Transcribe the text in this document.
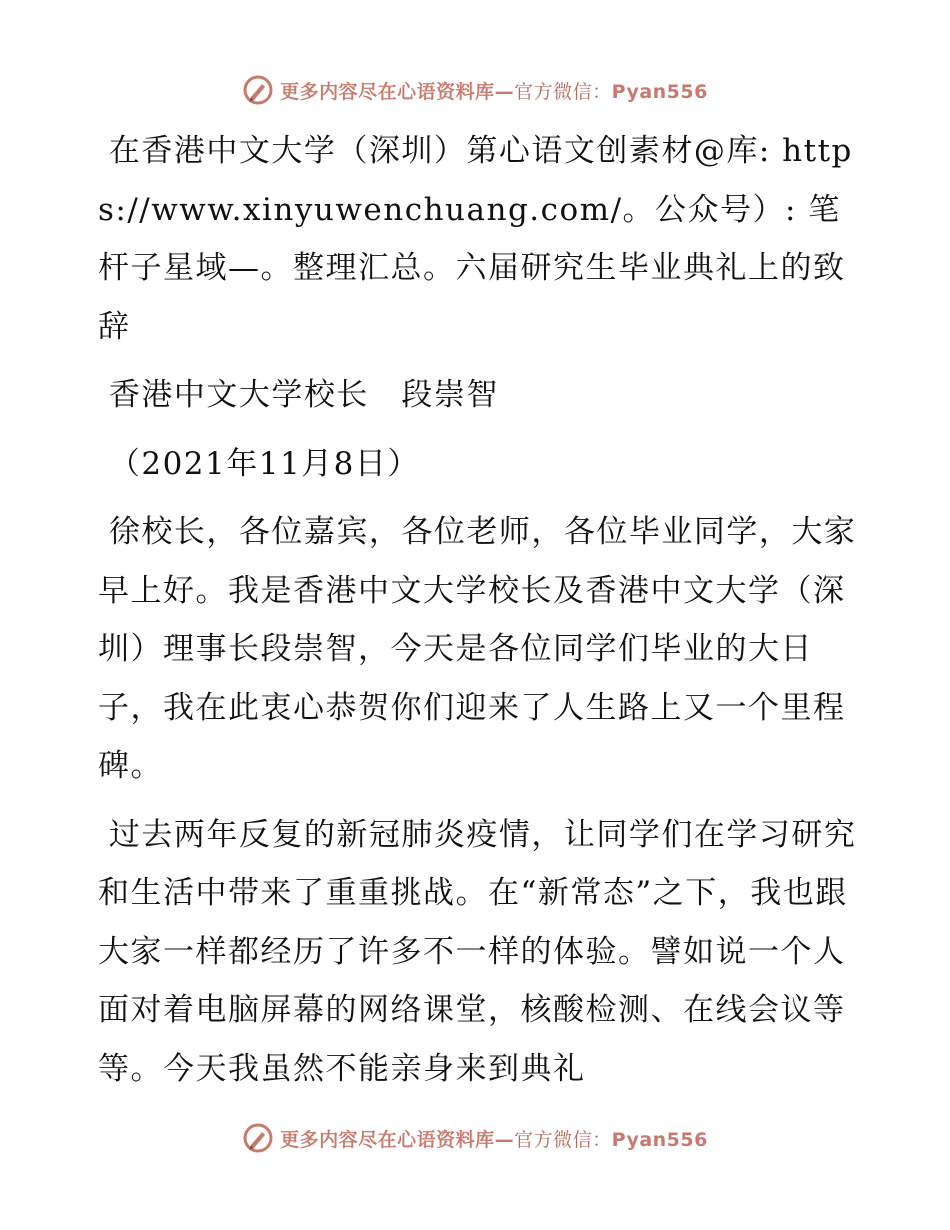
更多内容尽在心语资料库—官方微信：Pyan556

在香港中文大学（深圳）第心语文创素材@库: https://www.xinyuwenchuang.com/。公众号）: 笔杆子星域—。整理汇总。六届研究生毕业典礼上的致辞

香港中文大学校长　段崇智

（2021年11月8日）

徐校长，各位嘉宾，各位老师，各位毕业同学，大家早上好。我是香港中文大学校长及香港中文大学（深圳）理事长段崇智，今天是各位同学们毕业的大日子，我在此衷心恭贺你们迎来了人生路上又一个里程碑。

过去两年反复的新冠肺炎疫情，让同学们在学习研究和生活中带来了重重挑战。在“新常态”之下，我也跟大家一样都经历了许多不一样的体验。譬如说一个人面对着电脑屏幕的网络课堂，核酸检测、在线会议等等。今天我虽然不能亲身来到典礼

更多内容尽在心语资料库—官方微信：Pyan556
